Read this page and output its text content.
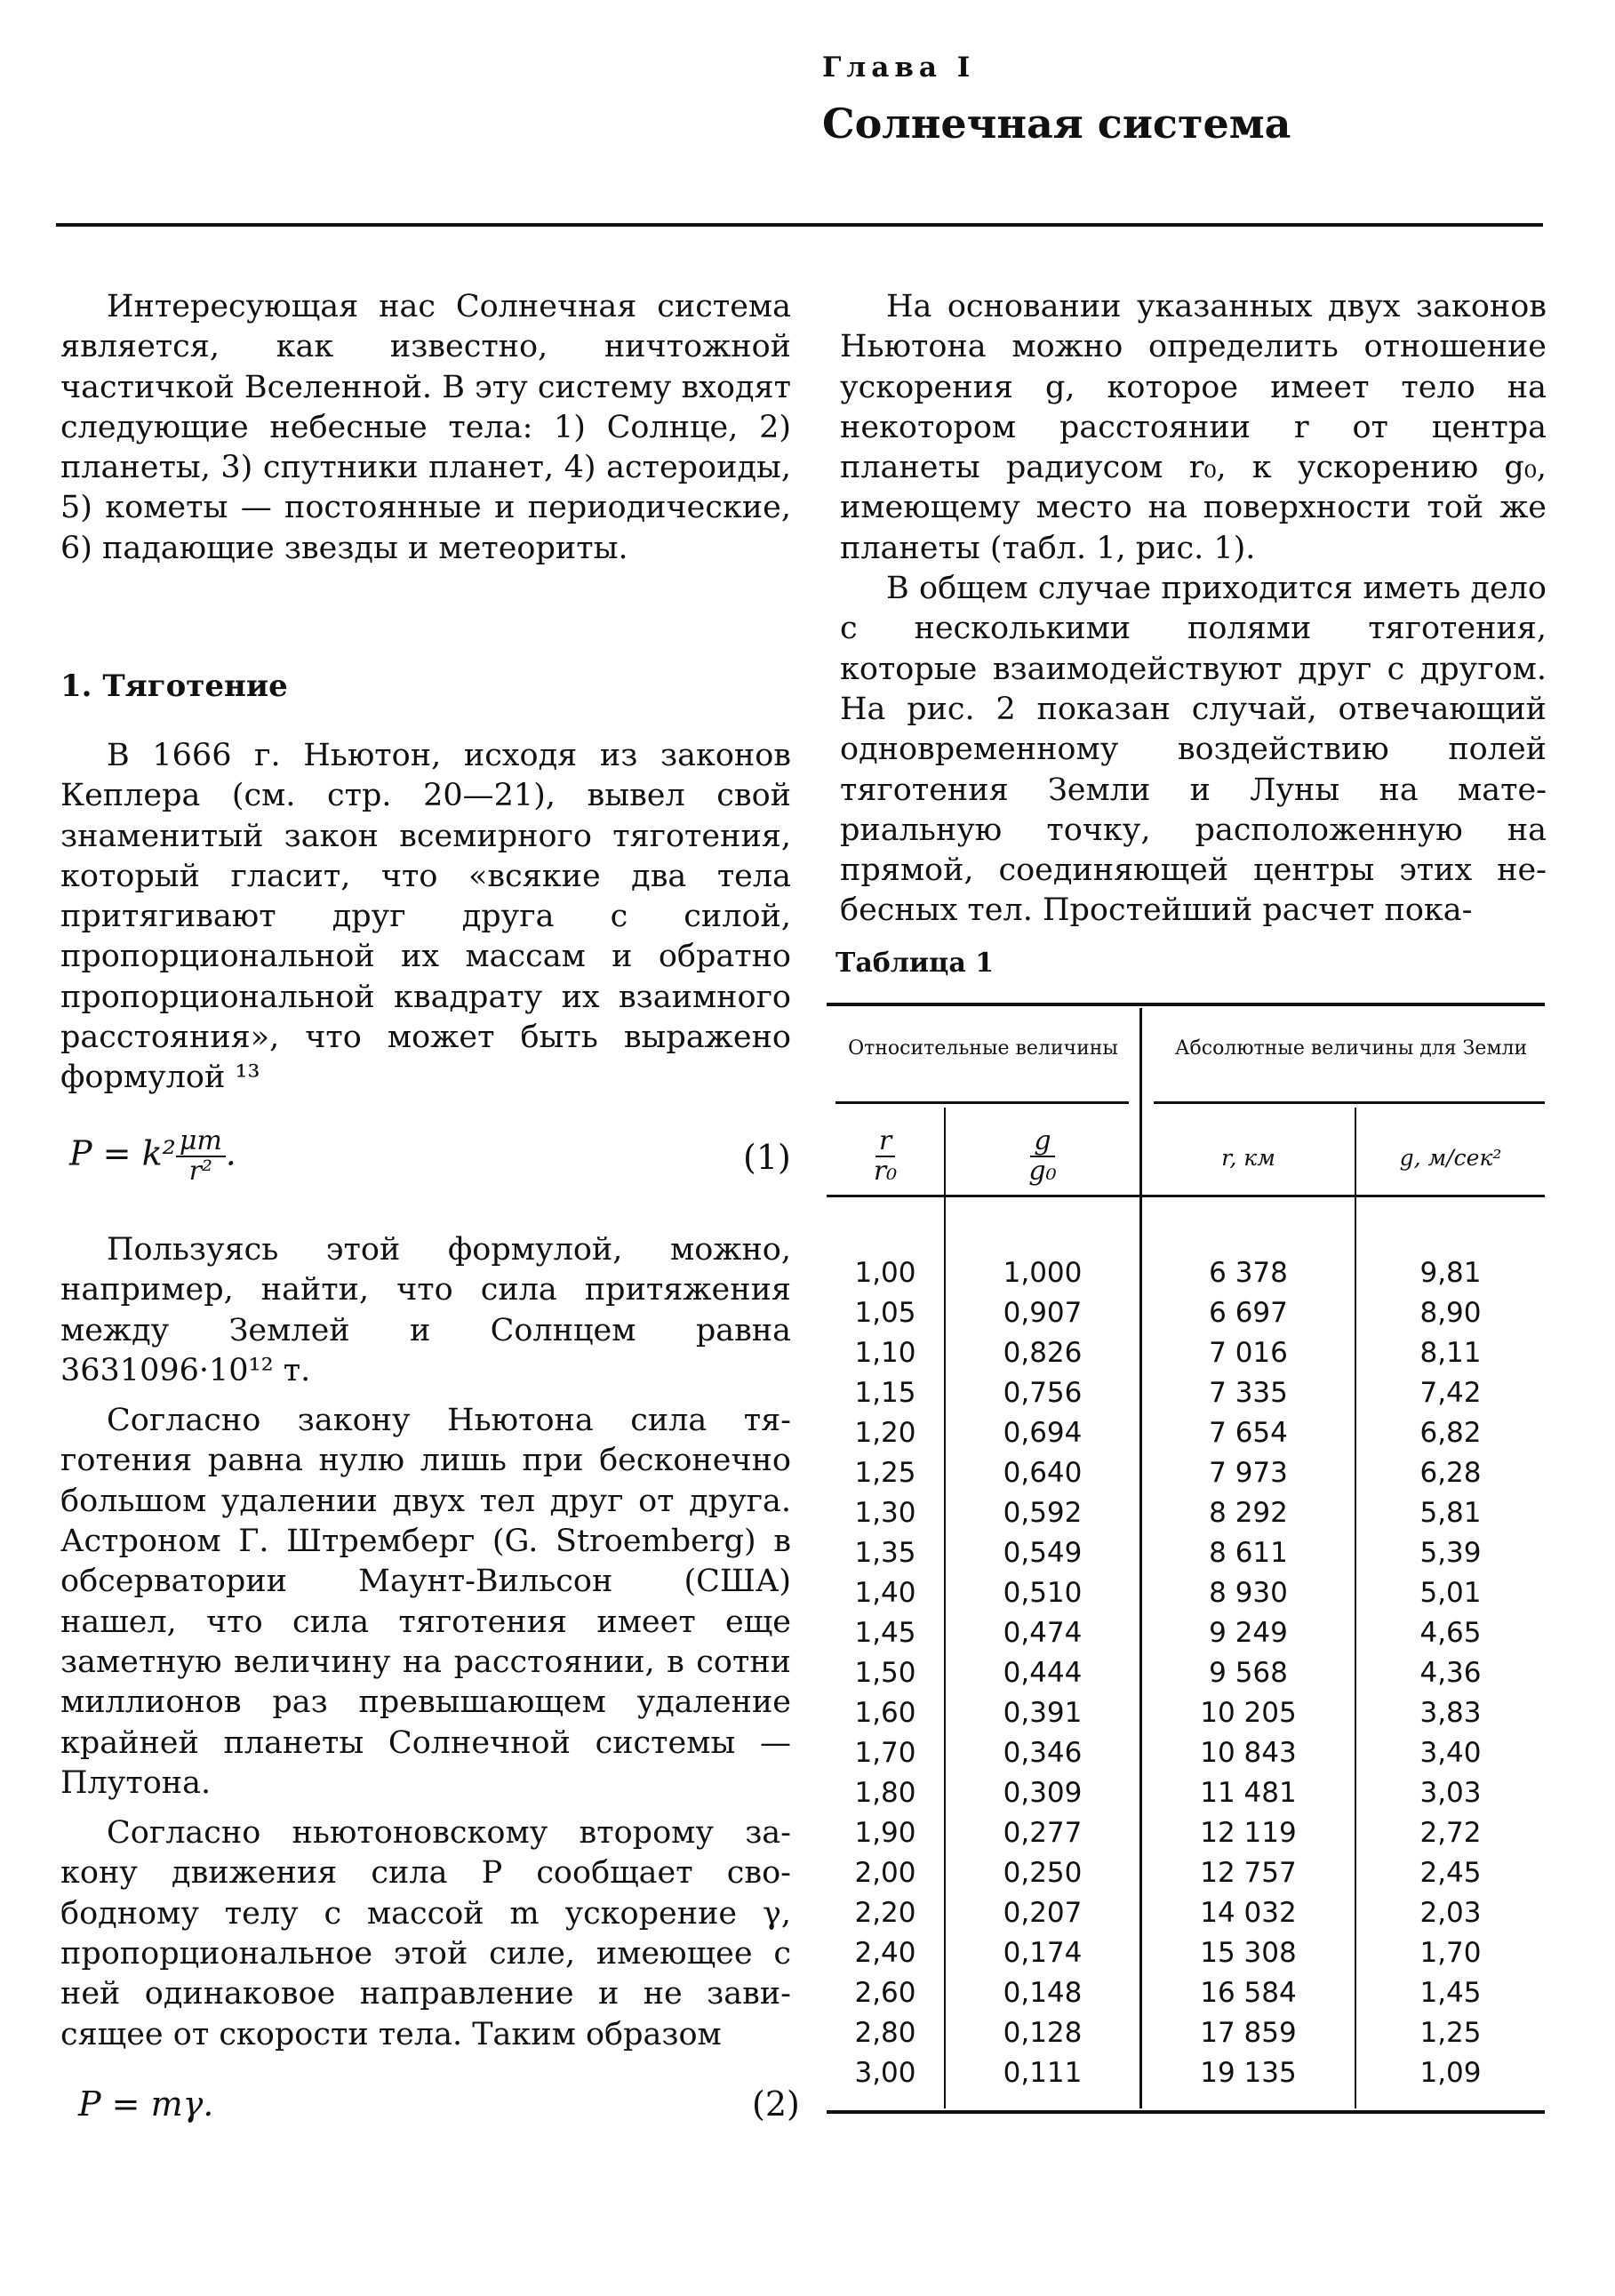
Глава I
Солнечная система

Интересующая нас Солнечная система является, как известно, ничтожной частичкой Вселенной. В эту систему входят следующие небесные тела: 1) Солнце, 2) планеты, 3) спутники планет, 4) астероиды, 5) кометы — постоянные и периодические, 6) падающие звезды и метеориты.

1. Тяготение

В 1666 г. Ньютон, исходя из законов Кеплера (см. стр. 20—21), вывел свой знаменитый закон всемирного тяготения, который гласит, что «всякие два тела притягивают друг друга с силой, пропорциональной их массам и обратно пропорциональной квадрату их взаимного расстояния», что может быть выражено формулой ¹³

$P = k^2 \frac{\mu m}{\text{r²}}$ .	(1)

Пользуясь этой формулой, можно, например, найти, что сила притяжения между Землей и Солнцем равна 3631096·10¹² т.

Согласно закону Ньютона сила тяготения равна нулю лишь при бесконечно большом удалении двух тел друг от друга. Астроном Г. Штремберг (G. Stroemberg) в обсерватории Маунт-Вильсон (США) нашел, что сила тяготения имеет еще заметную величину на расстоянии, в сотни миллионов раз превышающем удаление крайней планеты Солнечной системы — Плутона.

Согласно ньютоновскому второму закону движения сила P сообщает свободному телу с массой m ускорение γ, пропорциональное этой силе, имеющее с ней одинаковое направление и не зависящее от скорости тела. Таким образом

P = mγ.	(2)

На основании указанных двух законов Ньютона можно определить отношение ускорения g, которое имеет тело на некотором расстоянии r от центра планеты радиусом r₀, к ускорению g₀, имеющему место на поверхности той же планеты (табл. 1, рис. 1).

В общем случае приходится иметь дело с несколькими полями тяготения, которые взаимодействуют друг с другом. На рис. 2 показан случай, отвечающий одновременному воздействию полей тяготения Земли и Луны на материальную точку, расположенную на прямой, соединяющей центры этих небесных тел. Простейший расчет пока-

Таблица 1
Относительные величины	Абсолютные величины для Земли
$\frac{r}{\text{r₀}}$	$\frac{g}{\text{g₀}}$	r, км	g, м/сек²
1,00	1,000	6 378	9,81
1,05	0,907	6 697	8,90
1,10	0,826	7 016	8,11
1,15	0,756	7 335	7,42
1,20	0,694	7 654	6,82
1,25	0,640	7 973	6,28
1,30	0,592	8 292	5,81
1,35	0,549	8 611	5,39
1,40	0,510	8 930	5,01
1,45	0,474	9 249	4,65
1,50	0,444	9 568	4,36
1,60	0,391	10 205	3,83
1,70	0,346	10 843	3,40
1,80	0,309	11 481	3,03
1,90	0,277	12 119	2,72
2,00	0,250	12 757	2,45
2,20	0,207	14 032	2,03
2,40	0,174	15 308	1,70
2,60	0,148	16 584	1,45
2,80	0,128	17 859	1,25
3,00	0,111	19 135	1,09
